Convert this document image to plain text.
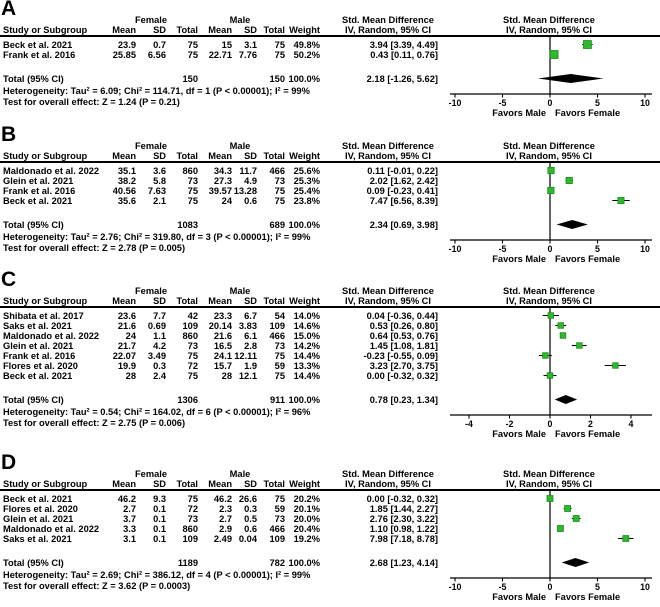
A	Female	Male	Std. Mean Difference	Std. Mean Difference
Study or Subgroup	Mean SD Total Mean SD Total Weight	IV, Random, 95% CI	IV, Random, 95% CI
Beck et al. 2021	23.9 0.7 75	15 3.1 75 49.8%	3.94 [3.39, 4.49]
Frank et al. 2016	25.85 6.56 75 22.71 7.76 75 50.2%	0.43 [0.11, 0.76]
Total (95% CI)	150	150 100.0%	2.18 [-1.26, 5.62]
Heterogeneity: Tau² = 6.09; Chi² = 114.71, df = 1 (P < 0.00001); I² = 99%
Test for overall effect: Z = 1.24 (P = 0.21)	-10	-5	0	5	10
Favors Male Favors Female
B	Female	Male	Std. Mean Difference	Std. Mean Difference
Study or Subgroup	Mean SD Total Mean SD Total Weight	IV, Random, 95% CI	IV, Random, 95% CI
Maldonado et al. 2022 35.1 3.6 860 34.3 11.7 466 25.6%	0.11 [-0.01, 0.22]
Glein et al. 2021	38.2 5.8 73 27.3 4.9 73 25.3%	2.02 [1.62, 2.42]
Frank et al. 2016	40.56 7.63 75 39.57 13.28 75 25.4%	0.09 [-0.23, 0.41]
Beck et al. 2021	35.6 2.1 75	24 0.6 75 23.8%	7.47 [6.56, 8.39]
Total (95% CI)	1083	689 100.0%	2.34 [0.69, 3.98]
Heterogeneity: Tau² = 2.76; Chi² = 319.80, df = 3 (P < 0.00001); I² = 99%
Test for overall effect: Z = 2.78 (P = 0.005)	-10	-5	0	5	10
Favors Male Favors Female
C	Female	Male	Std. Mean Difference	Std. Mean Difference
Study or Subgroup	Mean SD Total Mean SD Total Weight	IV, Random, 95% CI	IV, Random, 95% CI
Shibata et al. 2017	23.6 7.7 42 23.3 6.7 54 14.0%	0.04 [-0.36, 0.44]
Saks et al. 2021	21.6 0.69 109 20.14 3.83 109 14.6%	0.53 [0.26, 0.80]
Maldonado et al. 2022	24 1.1 860 21.6 6.1 466 15.0%	0.64 [0.53, 0.76]
Glein et al. 2021	21.7 4.2 73 16.5 2.8 73 14.2%	1.45 [1.08, 1.81]
Frank et al. 2016	22.07 3.49 75 24.1 12.11 75 14.4%	-0.23 [-0.55, 0.09]
Flores et al. 2020	19.9 0.3 72 15.7 1.9 59 13.3%	3.23 [2.70, 3.75]
Beck et al. 2021	28 2.4 75	28 12.1 75 14.4%	0.00 [-0.32, 0.32]
Total (95% CI)	1306	911 100.0%	0.78 [0.23, 1.34]
Heterogeneity: Tau² = 0.54; Chi² = 164.02, df = 6 (P < 0.00001); I² = 96%
Test for overall effect: Z = 2.75 (P = 0.006)	-4	-2	0	2	4
Favors Male Favors Female
D	Female	Male	Std. Mean Difference	Std. Mean Difference
Study or Subgroup	Mean SD Total Mean SD Total Weight	IV, Random, 95% CI	IV, Random, 95% CI
Beck et al. 2021	46.2 9.3 75 46.2 26.6 75 20.2%	0.00 [-0.32, 0.32]
Flores et al. 2020	2.7 0.1 72 2.3 0.3 59 20.1%	1.85 [1.44, 2.27]
Glein et al. 2021	3.7 0.1 73 2.7 0.5 73 20.0%	2.76 [2.30, 3.22]
Maldonado et al. 2022	3.3 0.1 860 2.9 0.6 466 20.4%	1.10 [0.98, 1.22]
Saks et al. 2021	3.1 0.1 109 2.49 0.04 109 19.2%	7.98 [7.18, 8.78]
Total (95% CI)	1189	782 100.0%	2.68 [1.23, 4.14]
Heterogeneity: Tau² = 2.69; Chi² = 386.12, df = 4 (P < 0.00001); I² = 99%
Test for overall effect: Z = 3.62 (P = 0.0003)	-10	-5	0	5	10
Favors Male Favors Female
